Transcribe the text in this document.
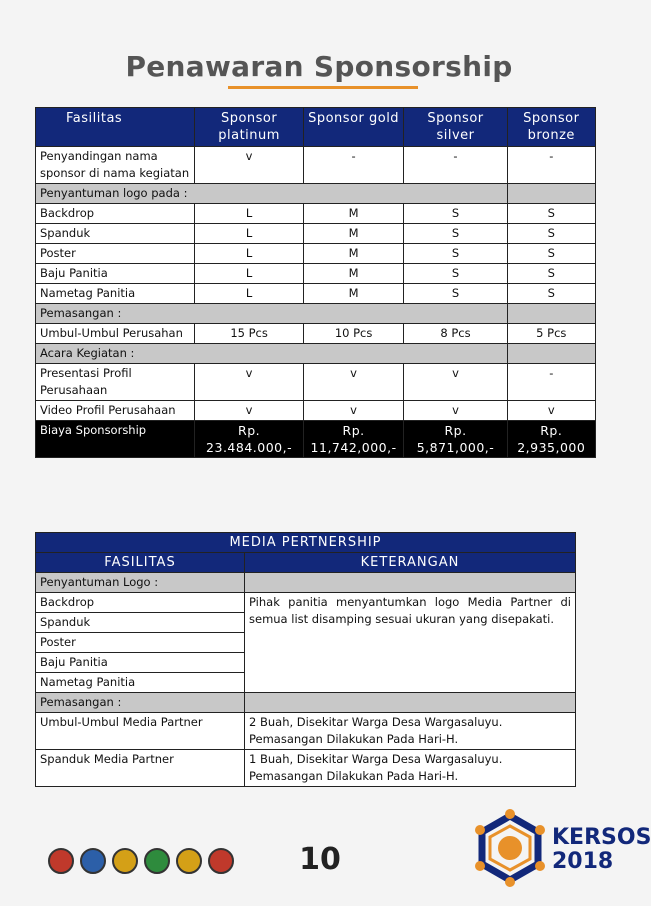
Penawaran Sponsorship
Fasilitas	Sponsor platinum	Sponsor gold	Sponsor silver	Sponsor bronze
Penyandingan nama sponsor di nama kegiatan	v	-	-	-
Penyantuman logo pada :				
Backdrop	L	M	S	S
Spanduk	L	M	S	S
Poster	L	M	S	S
Baju Panitia	L	M	S	S
Nametag Panitia	L	M	S	S
Pemasangan :				
Umbul-Umbul Perusahan	15 Pcs	10 Pcs	8 Pcs	5 Pcs
Acara Kegiatan :				
Presentasi Profil Perusahaan	v	v	v	-
Video Profil Perusahaan	v	v	v	v
Biaya Sponsorship	Rp. 23.484.000,-	Rp. 11,742,000,-	Rp. 5,871,000,-	Rp. 2,935,000
MEDIA PERTNERSHIP	
FASILITAS	KETERANGAN
Penyantuman Logo :	
Backdrop	Pihak panitia menyantumkan logo Media Partner di semua list disamping sesuai ukuran yang disepakati.
Spanduk	
Poster	
Baju Panitia	
Nametag Panitia	
Pemasangan :	
Umbul-Umbul Media Partner	2 Buah, Disekitar Warga Desa Wargasaluyu. Pemasangan Dilakukan Pada Hari-H.
Spanduk Media Partner	1 Buah, Disekitar Warga Desa Wargasaluyu. Pemasangan Dilakukan Pada Hari-H.
10
KERSOS
2018
